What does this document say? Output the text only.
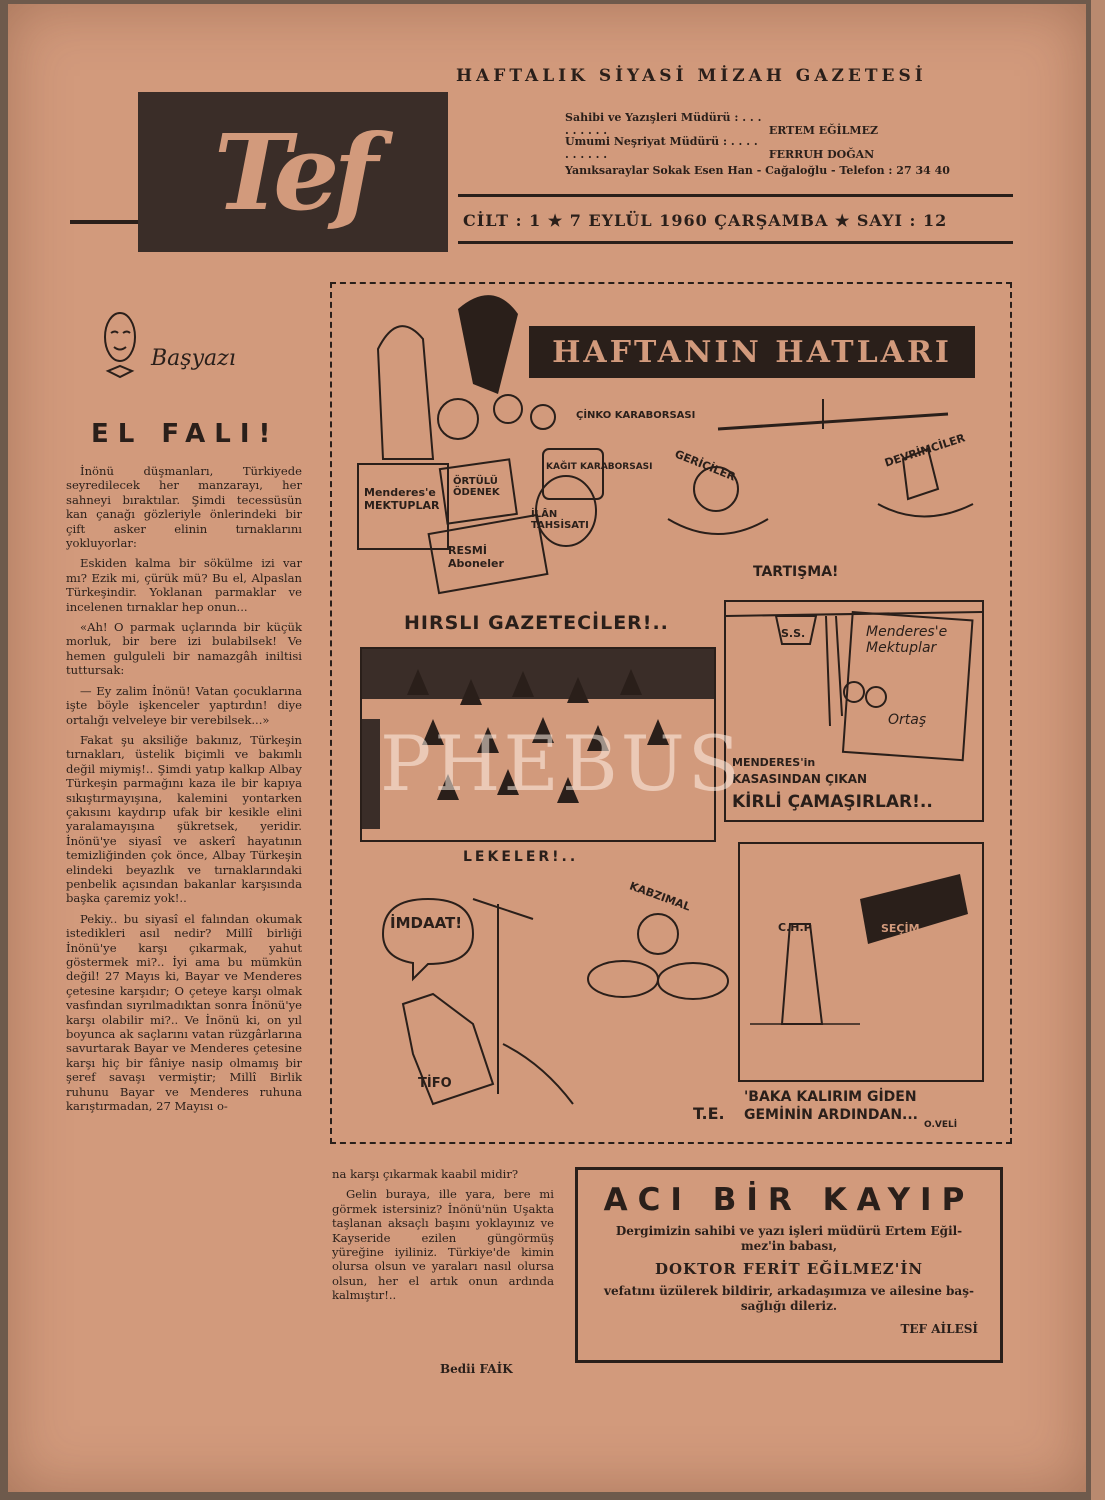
Tef
HAFTALIK SİYASİ MİZAH GAZETESİ
Sahibi ve Yazışleri Müdürü : . . . . . . . . .	ERTEM EĞİLMEZ
Umumi Neşriyat Müdürü : . . . . . . . . . .	FERRUH DOĞAN
Yanıksaraylar Sokak Esen Han - Cağaloğlu - Telefon : 27 34 40
CİLT : 1 ★ 7 EYLÜL 1960 ÇARŞAMBA ★ SAYI : 12
Başyazı
EL FALI!

İnönü düşmanları, Türkiyede seyredilecek her manzarayı, her sahneyi bıraktılar. Şimdi tecessüsün kan çanağı gözleriyle önlerindeki bir çift asker elinin tırnaklarını yokluyorlar:

Eskiden kalma bir sökülme izi var mı? Ezik mi, çürük mü? Bu el, Alpaslan Türkeşindir. Yoklanan parmaklar ve incelenen tırnaklar hep onun...

«Ah! O parmak uçlarında bir küçük morluk, bir bere izi bulabilsek! Ve hemen gulguleli bir namazgâh iniltisi tuttursak:

— Ey zalim İnönü! Vatan çocuklarına işte böyle işkenceler yaptırdın! diye ortalığı velveleye bir verebilsek...»

Fakat şu aksiliğe bakınız, Türkeşin tırnakları, üstelik biçimli ve bakımlı değil miymiş!.. Şimdi yatıp kalkıp Albay Türkeşin parmağını kaza ile bir kapıya sıkıştırmayışına, kalemini yontarken çakısını kaydırıp ufak bir kesikle elini yaralamayışına şükretsek, yeridir. İnönü'ye siyasî ve askerî hayatının temizliğinden çok önce, Albay Türkeşin elindeki beyazlık ve tırnaklarındaki penbelik açısından bakanlar karşısında başka çaremiz yok!..

Pekiy.. bu siyasî el falından okumak istedikleri asıl nedir? Millî birliği İnönü'ye karşı çıkarmak, yahut göstermek mi?.. İyi ama bu mümkün değil! 27 Mayıs ki, Bayar ve Menderes çetesine karşıdır; O çeteye karşı olmak vasfından sıyrılmadıktan sonra İnönü'ye karşı olabilir mi?.. Ve İnönü ki, on yıl boyunca ak saçlarını vatan rüzgârlarına savurtarak Bayar ve Menderes çetesine karşı hiç bir fâniye nasip olmamış bir şeref savaşı vermiştir; Millî Birlik ruhunu Bayar ve Menderes ruhuna karıştırmadan, 27 Mayısı o-

na karşı çıkarmak kaabil midir?

Gelin buraya, ille yara, bere mi görmek istersiniz? İnönü'nün Uşakta taşlanan aksaçlı başını yoklayınız ve Kayseride ezilen güngörmüş yüreğine iyiliniz. Türkiye'de kimin olursa olsun ve yaraları nasıl olursa olsun, her el artık onun ardında kalmıştır!..

Bedii FAİK
HAFTANIN HATLARI
ÇİNKO KARABORSASI
KAĞIT KARABORSASI
Menderes'e MEKTUPLAR
ÖRTÜLÜ ÖDENEK
İLÂN TAHSİSATI
RESMİ Aboneler
HIRSLI GAZETECİLER!..
GERİCİLER	DEVRİMCİLER
TARTIŞMA!
LEKELER!..
S.S.	Menderes'e Mektuplar
Ortaş
MENDERES'in
KASASINDAN ÇIKAN
KİRLİ ÇAMAŞIRLAR!..
İMDAAT!
TİFO
KABZIMAL
C.H.P	SEÇİM
'BAKA KALIRIM GİDEN
GEMİNİN ARDINDAN...
O.VELİ
T.E.
PHEBUS
ACI BİR KAYIP
Dergimizin sahibi ve yazı işleri müdürü Ertem Eğil-
mez'in babası,
DOKTOR FERİT EĞİLMEZ'İN
vefatını üzülerek bildirir, arkadaşımıza ve ailesine baş-
sağlığı dileriz.
TEF AİLESİ
